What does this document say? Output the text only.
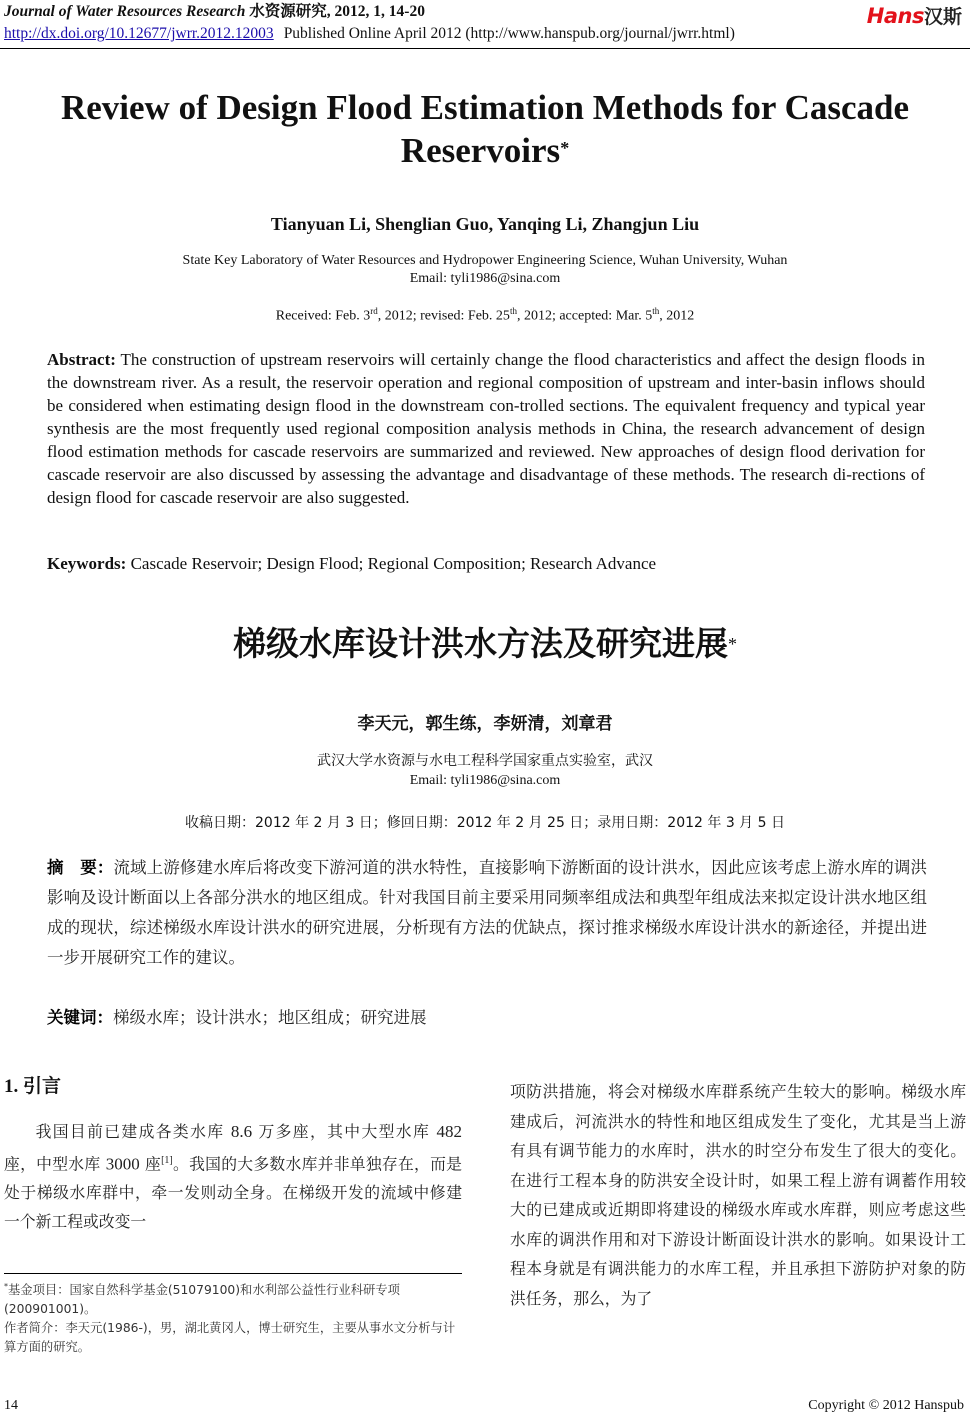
Journal of Water Resources Research 水资源研究, 2012, 1, 14-20
http://dx.doi.org/10.12677/jwrr.2012.12003 Published Online April 2012 (http://www.hanspub.org/journal/jwrr.html)
Hans汉斯
Review of Design Flood Estimation Methods for Cascade
Reservoirs*
Tianyuan Li, Shenglian Guo, Yanqing Li, Zhangjun Liu
State Key Laboratory of Water Resources and Hydropower Engineering Science, Wuhan University, Wuhan
Email: tyli1986@sina.com
Received: Feb. 3rd, 2012; revised: Feb. 25th, 2012; accepted: Mar. 5th, 2012
Abstract: The construction of upstream reservoirs will certainly change the flood characteristics and affect the design floods in the downstream river. As a result, the reservoir operation and regional composition of upstream and inter-basin inflows should be considered when estimating design flood in the downstream con-trolled sections. The equivalent frequency and typical year synthesis are the most frequently used regional composition analysis methods in China, the research advancement of design flood estimation methods for cascade reservoirs are summarized and reviewed. New approaches of design flood derivation for cascade reservoir are also discussed by assessing the advantage and disadvantage of these methods. The research di-rections of design flood for cascade reservoir are also suggested.
Keywords: Cascade Reservoir; Design Flood; Regional Composition; Research Advance
梯级水库设计洪水方法及研究进展*
李天元，郭生练，李妍清，刘章君
武汉大学水资源与水电工程科学国家重点实验室，武汉
Email: tyli1986@sina.com
收稿日期：2012 年 2 月 3 日；修回日期：2012 年 2 月 25 日；录用日期：2012 年 3 月 5 日
摘　要：流域上游修建水库后将改变下游河道的洪水特性，直接影响下游断面的设计洪水，因此应该考虑上游水库的调洪影响及设计断面以上各部分洪水的地区组成。针对我国目前主要采用同频率组成法和典型年组成法来拟定设计洪水地区组成的现状，综述梯级水库设计洪水的研究进展，分析现有方法的优缺点，探讨推求梯级水库设计洪水的新途径，并提出进一步开展研究工作的建议。
关键词：梯级水库；设计洪水；地区组成；研究进展
1. 引言
我国目前已建成各类水库 8.6 万多座，其中大型水库 482 座，中型水库 3000 座[1]。我国的大多数水库并非单独存在，而是处于梯级水库群中，牵一发则动全身。在梯级开发的流域中修建一个新工程或改变一
项防洪措施，将会对梯级水库群系统产生较大的影响。梯级水库建成后，河流洪水的特性和地区组成发生了变化，尤其是当上游有具有调节能力的水库时，洪水的时空分布发生了很大的变化。在进行工程本身的防洪安全设计时，如果工程上游有调蓄作用较大的已建成或近期即将建设的梯级水库或水库群，则应考虑这些水库的调洪作用和对下游设计断面设计洪水的影响。如果设计工程本身就是有调洪能力的水库工程，并且承担下游防护对象的防洪任务，那么，为了
*基金项目：国家自然科学基金(51079100)和水利部公益性行业科研专项(200901001)。
作者简介：李天元(1986-)，男，湖北黄冈人，博士研究生，主要从事水文分析与计算方面的研究。
14	Copyright © 2012 Hanspub
